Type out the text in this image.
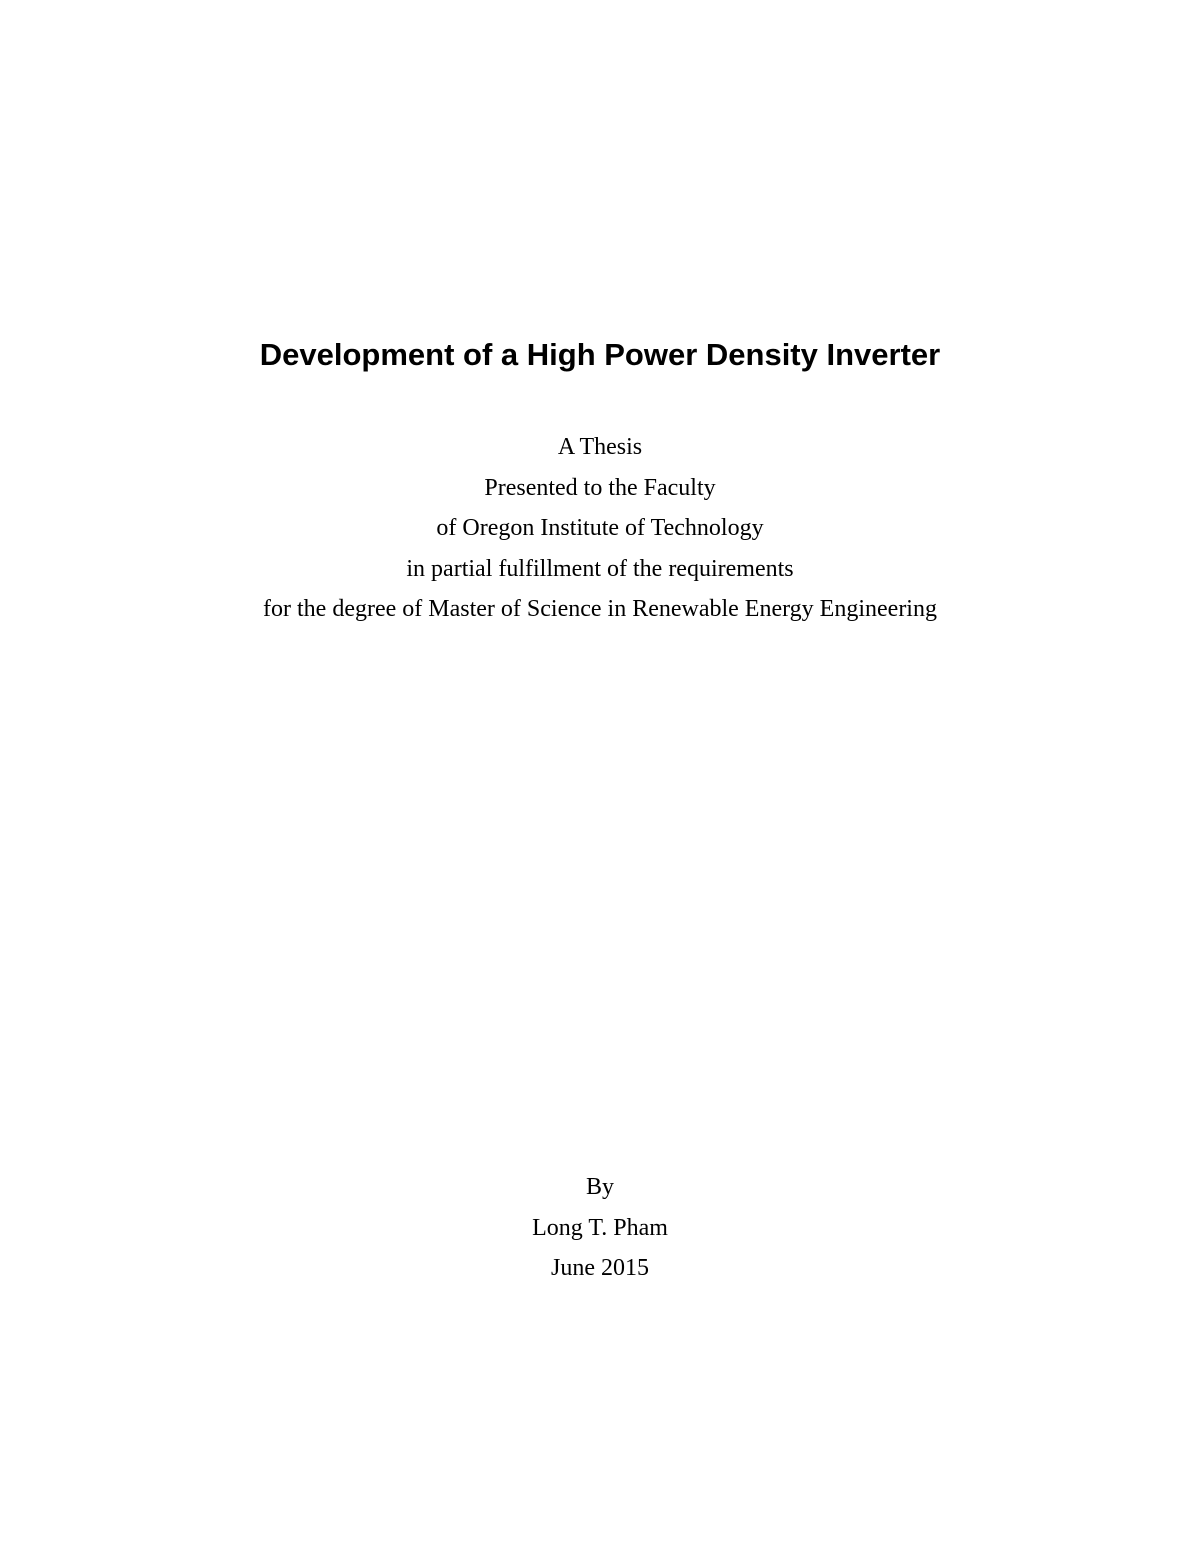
Development of a High Power Density Inverter
A Thesis
Presented to the Faculty
of Oregon Institute of Technology
in partial fulfillment of the requirements
for the degree of Master of Science in Renewable Energy Engineering
By
Long T. Pham
June 2015
